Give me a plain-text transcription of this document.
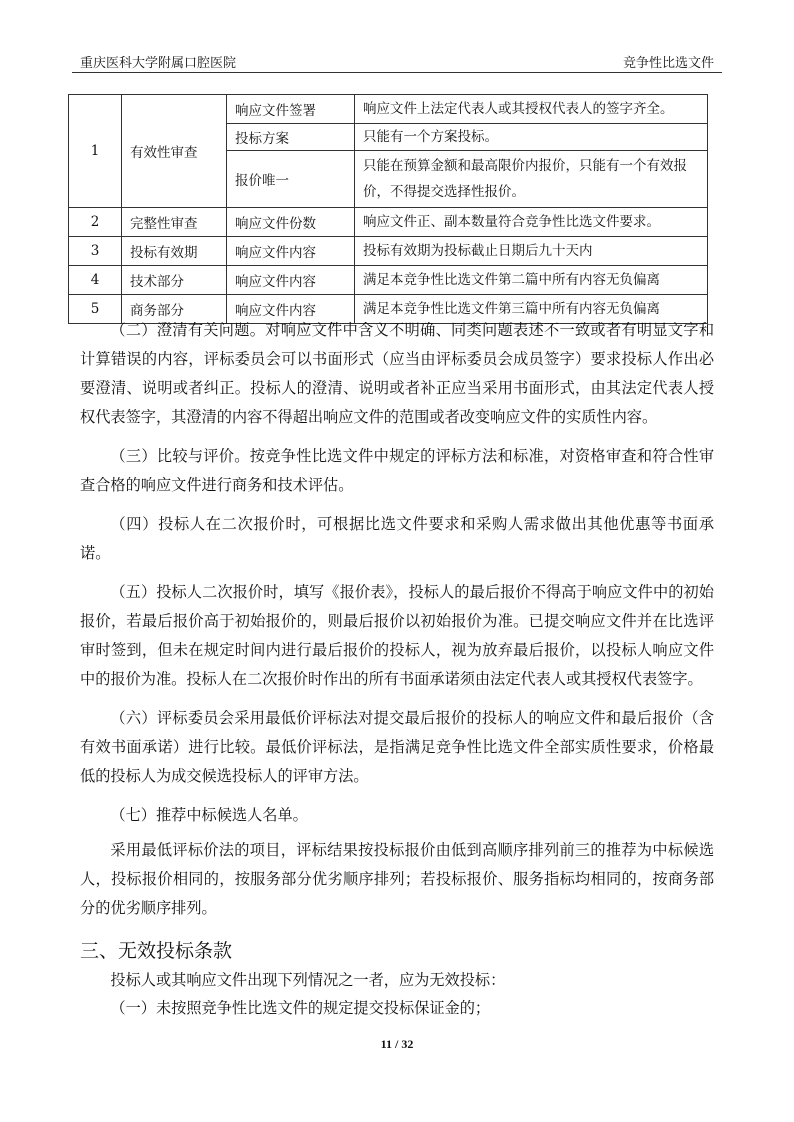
重庆医科大学附属口腔医院	竞争性比选文件
1	有效性审查	响应文件签署	响应文件上法定代表人或其授权代表人的签字齐全。
		投标方案	只能有一个方案投标。
		报价唯一	只能在预算金额和最高限价内报价，只能有一个有效报价，不得提交选择性报价。
2	完整性审查	响应文件份数	响应文件正、副本数量符合竞争性比选文件要求。
3	投标有效期	响应文件内容	投标有效期为投标截止日期后九十天内
4	技术部分	响应文件内容	满足本竞争性比选文件第二篇中所有内容无负偏离
5	商务部分	响应文件内容	满足本竞争性比选文件第三篇中所有内容无负偏离

（二）澄清有关问题。对响应文件中含义不明确、同类问题表述不一致或者有明显文字和计算错误的内容，评标委员会可以书面形式（应当由评标委员会成员签字）要求投标人作出必要澄清、说明或者纠正。投标人的澄清、说明或者补正应当采用书面形式，由其法定代表人授权代表签字，其澄清的内容不得超出响应文件的范围或者改变响应文件的实质性内容。

（三）比较与评价。按竞争性比选文件中规定的评标方法和标准，对资格审查和符合性审查合格的响应文件进行商务和技术评估。

（四）投标人在二次报价时，可根据比选文件要求和采购人需求做出其他优惠等书面承诺。

（五）投标人二次报价时，填写《报价表》，投标人的最后报价不得高于响应文件中的初始报价，若最后报价高于初始报价的，则最后报价以初始报价为准。已提交响应文件并在比选评审时签到，但未在规定时间内进行最后报价的投标人，视为放弃最后报价，以投标人响应文件中的报价为准。投标人在二次报价时作出的所有书面承诺须由法定代表人或其授权代表签字。

（六）评标委员会采用最低价评标法对提交最后报价的投标人的响应文件和最后报价（含有效书面承诺）进行比较。最低价评标法，是指满足竞争性比选文件全部实质性要求，价格最低的投标人为成交候选投标人的评审方法。

（七）推荐中标候选人名单。

采用最低评标价法的项目，评标结果按投标报价由低到高顺序排列前三的推荐为中标候选人，投标报价相同的，按服务部分优劣顺序排列；若投标报价、服务指标均相同的，按商务部分的优劣顺序排列。

三、无效投标条款

投标人或其响应文件出现下列情况之一者，应为无效投标：

（一）未按照竞争性比选文件的规定提交投标保证金的；

11 / 32
